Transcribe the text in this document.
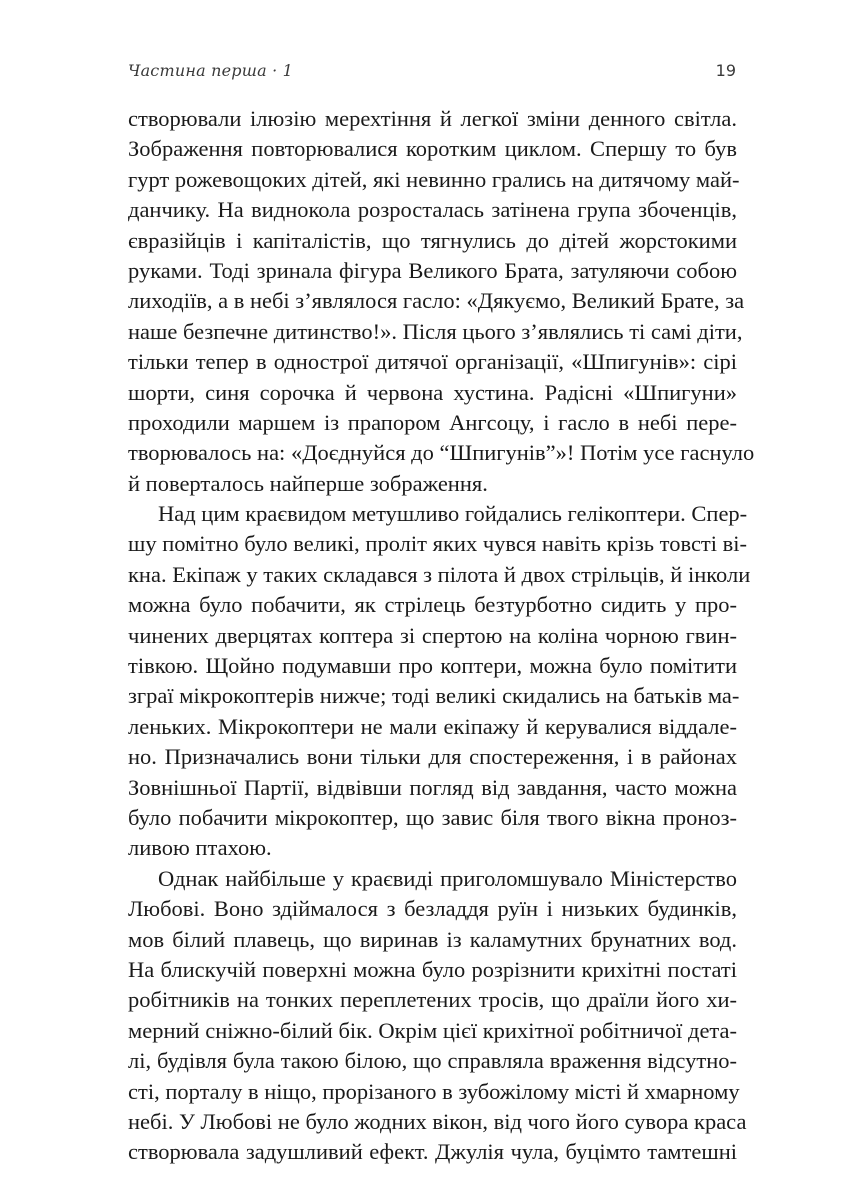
Частина перша · 1	19
створювали ілюзію мерехтіння й легкої зміни денного світла.
Зображення повторювалися коротким циклом. Спершу то був
гурт рожевощоких дітей, які невинно грались на дитячому май-
данчику. На виднокола розросталась затінена група збоченців,
євразійців і капіталістів, що тягнулись до дітей жорстокими
руками. Тоді зринала фігура Великого Брата, затуляючи собою
лиходіїв, а в небі з’являлося гасло: «Дякуємо, Великий Брате, за
наше безпечне дитинство!». Після цього з’являлись ті самі діти,
тільки тепер в однострої дитячої організації, «Шпигунів»: сірі
шорти, синя сорочка й червона хустина. Радісні «Шпигуни»
проходили маршем із прапором Ангсоцу, і гасло в небі пере-
творювалось на: «Доєднуйся до “Шпигунів”»! Потім усе гаснуло
й поверталось найперше зображення.
Над цим краєвидом метушливо гойдались гелікоптери. Спер-
шу помітно було великі, проліт яких чувся навіть крізь товсті ві-
кна. Екіпаж у таких складався з пілота й двох стрільців, й інколи
можна було побачити, як стрілець безтурботно сидить у про-
чинених дверцятах коптера зі спертою на коліна чорною гвин-
тівкою. Щойно подумавши про коптери, можна було помітити
зграї мікрокоптерів нижче; тоді великі скидались на батьків ма-
леньких. Мікрокоптери не мали екіпажу й керувалися віддале-
но. Призначались вони тільки для спостереження, і в районах
Зовнішньої Партії, відвівши погляд від завдання, часто можна
було побачити мікрокоптер, що завис біля твого вікна пронoз-
ливою птахою.
Однак найбільше у краєвиді приголомшувало Міністерство
Любові. Воно здіймалося з безладдя руїн і низьких будинків,
мов білий плавець, що виринав із каламутних брунатних вод.
На блискучій поверхні можна було розрізнити крихітні постаті
робітників на тонких переплетених тросів, що драїли його хи-
мерний сніжно-білий бік. Окрім цієї крихітної робітничої дета-
лі, будівля була такою білою, що справляла враження відсутно-
сті, порталу в ніщо, прорізаного в зубожілому місті й хмарному
небі. У Любові не було жодних вікон, від чого його сувора краса
створювала задушливий ефект. Джулія чула, буцімто тамтешні
